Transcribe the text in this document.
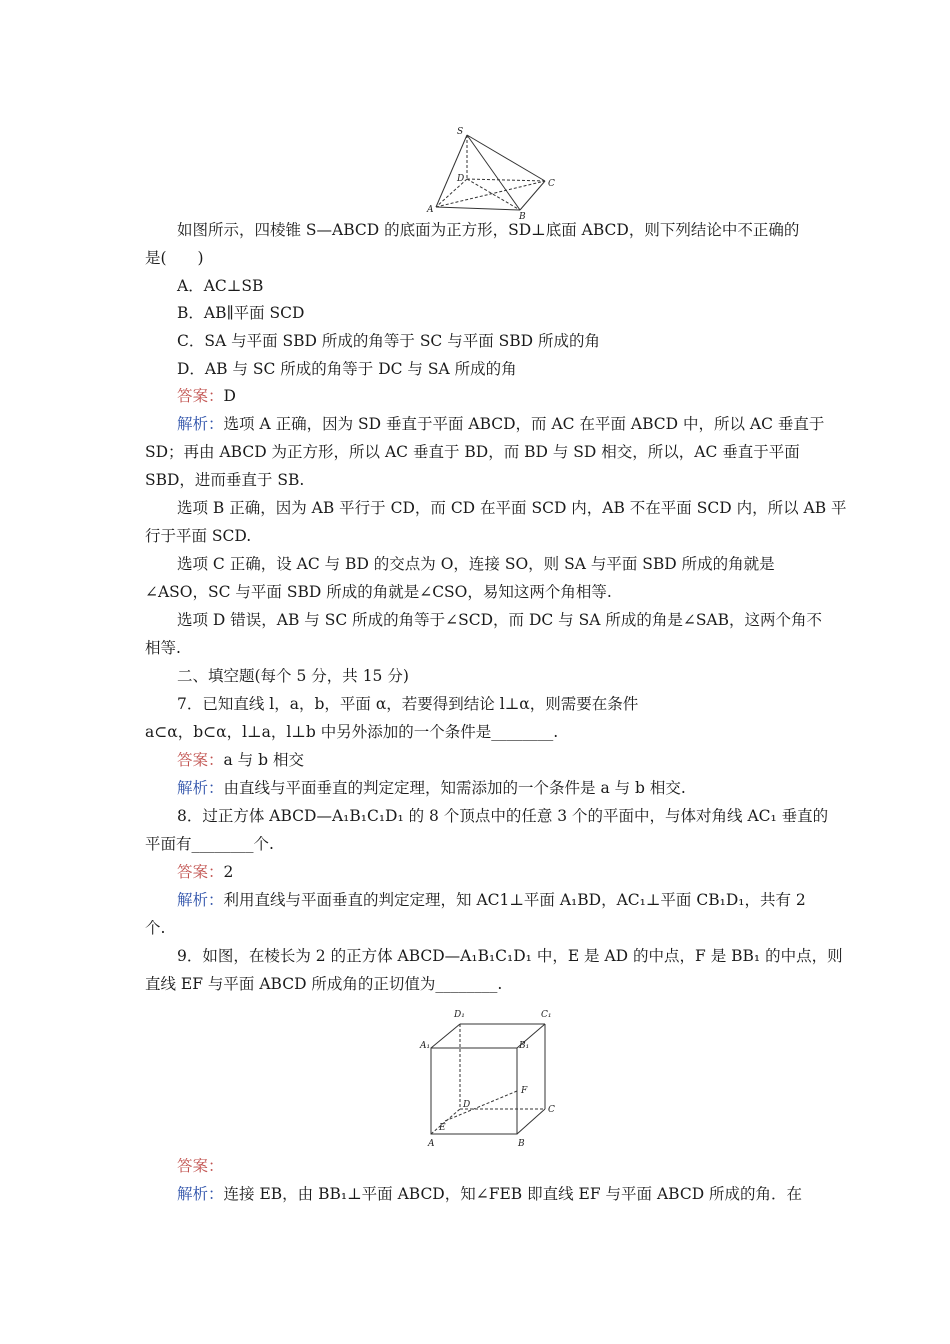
S
D	C
A
B
如图所示，四棱锥 S—ABCD 的底面为正方形，SD⊥底面 ABCD，则下列结论中不正确的
是(　　)
A．AC⊥SB
B．AB∥平面 SCD
C．SA 与平面 SBD 所成的角等于 SC 与平面 SBD 所成的角
D．AB 与 SC 所成的角等于 DC 与 SA 所成的角
答案：D
解析：选项 A 正确，因为 SD 垂直于平面 ABCD，而 AC 在平面 ABCD 中，所以 AC 垂直于
SD；再由 ABCD 为正方形，所以 AC 垂直于 BD，而 BD 与 SD 相交，所以，AC 垂直于平面
SBD，进而垂直于 SB.
选项 B 正确，因为 AB 平行于 CD，而 CD 在平面 SCD 内，AB 不在平面 SCD 内，所以 AB 平
行于平面 SCD.
选项 C 正确，设 AC 与 BD 的交点为 O，连接 SO，则 SA 与平面 SBD 所成的角就是
∠ASO，SC 与平面 SBD 所成的角就是∠CSO，易知这两个角相等.
选项 D 错误，AB 与 SC 所成的角等于∠SCD，而 DC 与 SA 所成的角是∠SAB，这两个角不
相等.
二、填空题(每个 5 分，共 15 分)
7．已知直线 l，a，b，平面 α，若要得到结论 l⊥α，则需要在条件
a⊂α，b⊂α，l⊥a，l⊥b 中另外添加的一个条件是________.
答案：a 与 b 相交
解析：由直线与平面垂直的判定定理，知需添加的一个条件是 a 与 b 相交.
8．过正方体 ABCD—A₁B₁C₁D₁ 的 8 个顶点中的任意 3 个的平面中，与体对角线 AC₁ 垂直的
平面有________个.
答案：2
解析：利用直线与平面垂直的判定定理，知 AC1⊥平面 A₁BD，AC₁⊥平面 CB₁D₁，共有 2
个.
9．如图，在棱长为 2 的正方体 ABCD—A₁B₁C₁D₁ 中，E 是 AD 的中点，F 是 BB₁ 的中点，则
直线 EF 与平面 ABCD 所成角的正切值为________.
D₁	C₁
A₁	B₁
F
D	C
E
A	B
答案：
解析：连接 EB，由 BB₁⊥平面 ABCD，知∠FEB 即直线 EF 与平面 ABCD 所成的角．在
